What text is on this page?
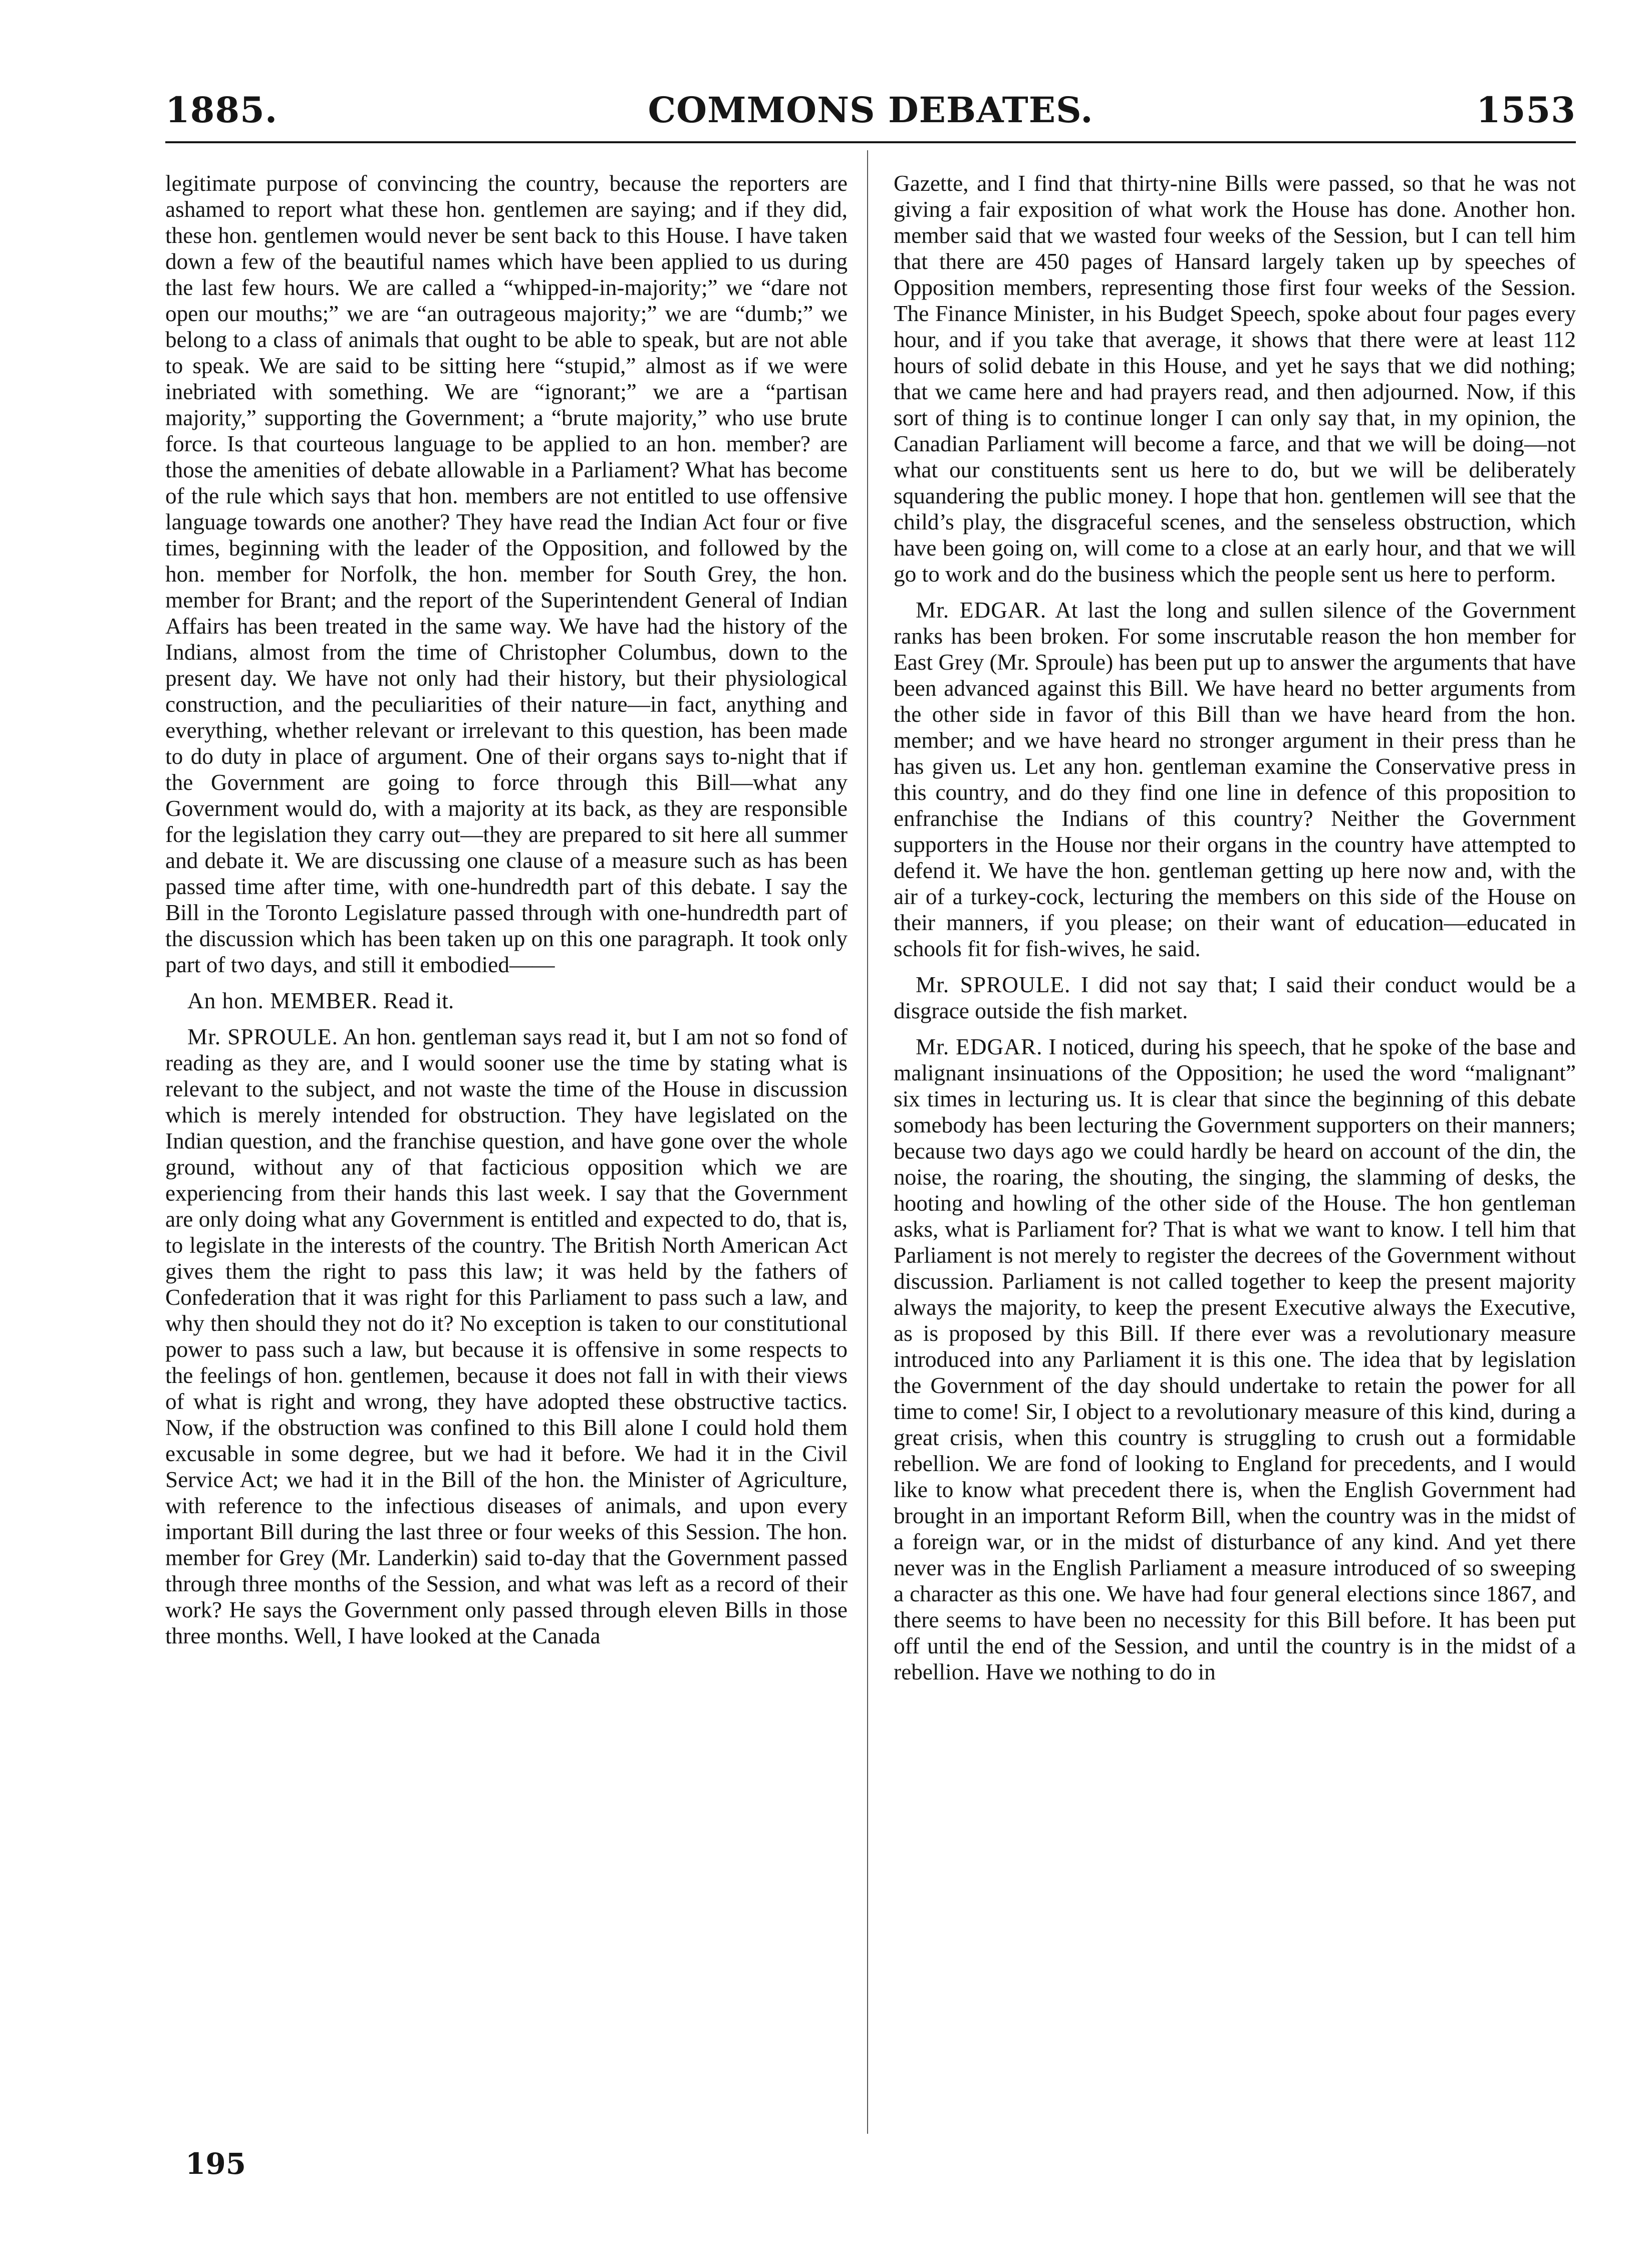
1885.	COMMONS DEBATES.	1553

legitimate purpose of convincing the country, because the reporters are ashamed to report what these hon. gentlemen are saying; and if they did, these hon. gentlemen would never be sent back to this House. I have taken down a few of the beautiful names which have been applied to us during the last few hours. We are called a “whipped-in-majority;” we “dare not open our mouths;” we are “an outrageous majority;” we are “dumb;” we belong to a class of animals that ought to be able to speak, but are not able to speak. We are said to be sitting here “stupid,” almost as if we were inebriated with something. We are “ignorant;” we are a “partisan majority,” supporting the Government; a “brute majority,” who use brute force. Is that courteous language to be applied to an hon. member? are those the amenities of debate allowable in a Parliament? What has become of the rule which says that hon. members are not entitled to use offensive language towards one another? They have read the Indian Act four or five times, beginning with the leader of the Opposition, and followed by the hon. member for Norfolk, the hon. member for South Grey, the hon. member for Brant; and the report of the Superintendent General of Indian Affairs has been treated in the same way. We have had the history of the Indians, almost from the time of Christopher Columbus, down to the present day. We have not only had their history, but their physiological construction, and the peculiarities of their nature—in fact, anything and everything, whether relevant or irrelevant to this question, has been made to do duty in place of argument. One of their organs says to-night that if the Government are going to force through this Bill—what any Government would do, with a majority at its back, as they are responsible for the legislation they carry out—they are prepared to sit here all summer and debate it. We are discussing one clause of a measure such as has been passed time after time, with one-hundredth part of this debate. I say the Bill in the Toronto Legislature passed through with one-hundredth part of the discussion which has been taken up on this one paragraph. It took only part of two days, and still it embodied——

An hon. MEMBER. Read it.

Mr. SPROULE. An hon. gentleman says read it, but I am not so fond of reading as they are, and I would sooner use the time by stating what is relevant to the subject, and not waste the time of the House in discussion which is merely intended for obstruction. They have legislated on the Indian question, and the franchise question, and have gone over the whole ground, without any of that facticious opposition which we are experiencing from their hands this last week. I say that the Government are only doing what any Government is entitled and expected to do, that is, to legislate in the interests of the country. The British North American Act gives them the right to pass this law; it was held by the fathers of Confederation that it was right for this Parliament to pass such a law, and why then should they not do it? No exception is taken to our constitutional power to pass such a law, but because it is offensive in some respects to the feelings of hon. gentlemen, because it does not fall in with their views of what is right and wrong, they have adopted these obstructive tactics. Now, if the obstruction was confined to this Bill alone I could hold them excusable in some degree, but we had it before. We had it in the Civil Service Act; we had it in the Bill of the hon. the Minister of Agriculture, with reference to the infectious diseases of animals, and upon every important Bill during the last three or four weeks of this Session. The hon. member for Grey (Mr. Landerkin) said to-day that the Government passed through three months of the Session, and what was left as a record of their work? He says the Government only passed through eleven Bills in those three months. Well, I have looked at the Canada

Gazette, and I find that thirty-nine Bills were passed, so that he was not giving a fair exposition of what work the House has done. Another hon. member said that we wasted four weeks of the Session, but I can tell him that there are 450 pages of Hansard largely taken up by speeches of Opposition members, representing those first four weeks of the Session. The Finance Minister, in his Budget Speech, spoke about four pages every hour, and if you take that average, it shows that there were at least 112 hours of solid debate in this House, and yet he says that we did nothing; that we came here and had prayers read, and then adjourned. Now, if this sort of thing is to continue longer I can only say that, in my opinion, the Canadian Parliament will become a farce, and that we will be doing—not what our constituents sent us here to do, but we will be deliberately squandering the public money. I hope that hon. gentlemen will see that the child’s play, the disgraceful scenes, and the senseless obstruction, which have been going on, will come to a close at an early hour, and that we will go to work and do the business which the people sent us here to perform.

Mr. EDGAR. At last the long and sullen silence of the Government ranks has been broken. For some inscrutable reason the hon member for East Grey (Mr. Sproule) has been put up to answer the arguments that have been advanced against this Bill. We have heard no better arguments from the other side in favor of this Bill than we have heard from the hon. member; and we have heard no stronger argument in their press than he has given us. Let any hon. gentleman examine the Conservative press in this country, and do they find one line in defence of this proposition to enfranchise the Indians of this country? Neither the Government supporters in the House nor their organs in the country have attempted to defend it. We have the hon. gentleman getting up here now and, with the air of a turkey-cock, lecturing the members on this side of the House on their manners, if you please; on their want of education—educated in schools fit for fish-wives, he said.

Mr. SPROULE. I did not say that; I said their conduct would be a disgrace outside the fish market.

Mr. EDGAR. I noticed, during his speech, that he spoke of the base and malignant insinuations of the Opposition; he used the word “malignant” six times in lecturing us. It is clear that since the beginning of this debate somebody has been lecturing the Government supporters on their manners; because two days ago we could hardly be heard on account of the din, the noise, the roaring, the shouting, the singing, the slamming of desks, the hooting and howling of the other side of the House. The hon gentleman asks, what is Parliament for? That is what we want to know. I tell him that Parliament is not merely to register the decrees of the Government without discussion. Parliament is not called together to keep the present majority always the majority, to keep the present Executive always the Executive, as is proposed by this Bill. If there ever was a revolutionary measure introduced into any Parliament it is this one. The idea that by legislation the Government of the day should undertake to retain the power for all time to come! Sir, I object to a revolutionary measure of this kind, during a great crisis, when this country is struggling to crush out a formidable rebellion. We are fond of looking to England for precedents, and I would like to know what precedent there is, when the English Government had brought in an important Reform Bill, when the country was in the midst of a foreign war, or in the midst of disturbance of any kind. And yet there never was in the English Parliament a measure introduced of so sweeping a character as this one. We have had four general elections since 1867, and there seems to have been no necessity for this Bill before. It has been put off until the end of the Session, and until the country is in the midst of a rebellion. Have we nothing to do in

195
